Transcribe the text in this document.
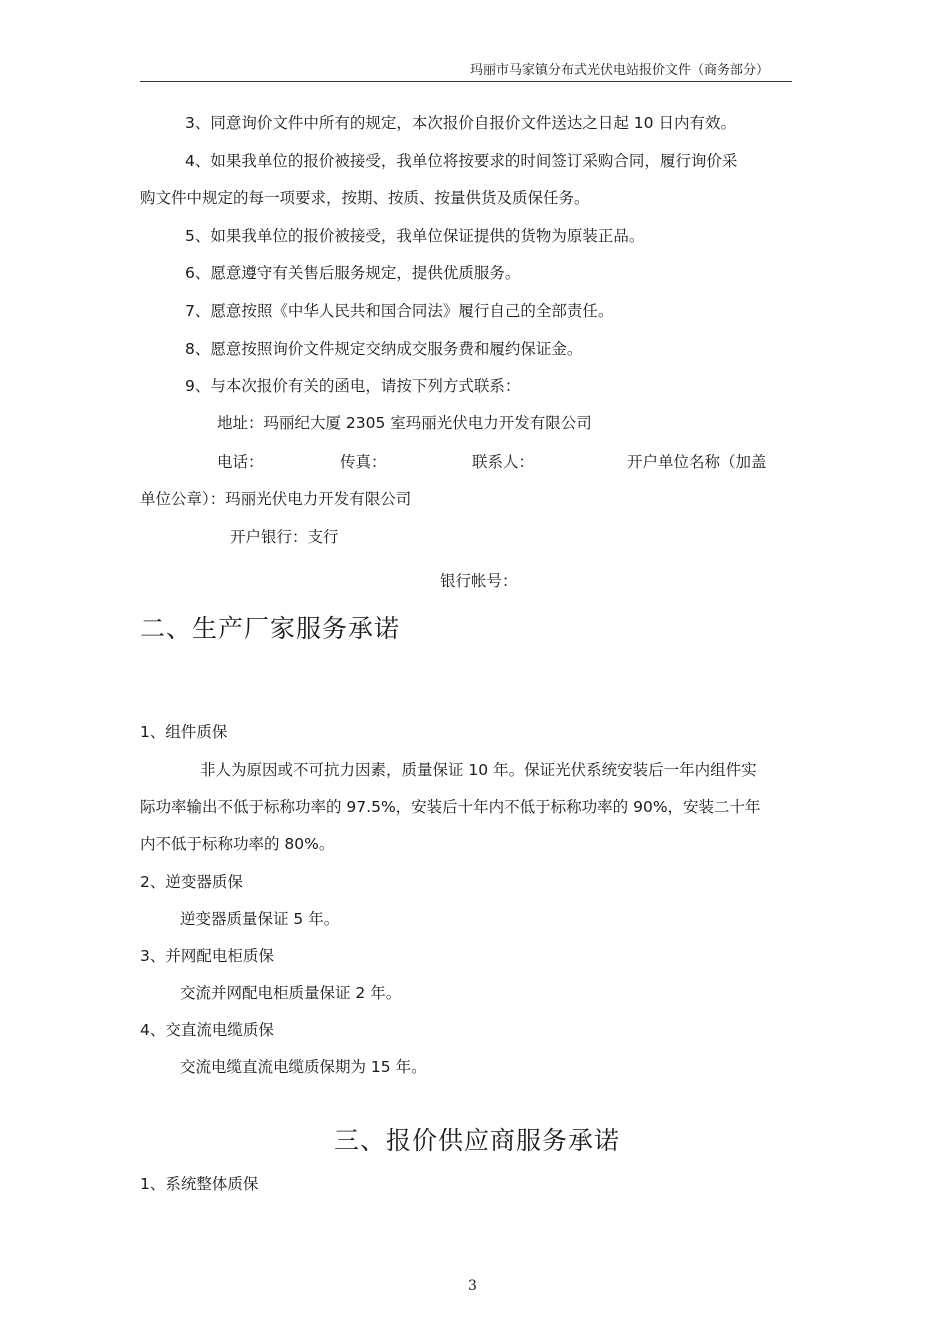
玛丽市马家镇分布式光伏电站报价文件（商务部分）
3、同意询价文件中所有的规定，本次报价自报价文件送达之日起 10 日内有效。
4、如果我单位的报价被接受，我单位将按要求的时间签订采购合同，履行询价采
购文件中规定的每一项要求，按期、按质、按量供货及质保任务。
5、如果我单位的报价被接受，我单位保证提供的货物为原装正品。
6、愿意遵守有关售后服务规定，提供优质服务。
7、愿意按照《中华人民共和国合同法》履行自己的全部责任。
8、愿意按照询价文件规定交纳成交服务费和履约保证金。
9、与本次报价有关的函电，请按下列方式联系：
地址：玛丽纪大厦 2305 室玛丽光伏电力开发有限公司
电话：	传真：	联系人：	开户单位名称（加盖
单位公章）：玛丽光伏电力开发有限公司
开户银行：支行
银行帐号：
二、生产厂家服务承诺
1、组件质保
非人为原因或不可抗力因素，质量保证 10 年。保证光伏系统安装后一年内组件实
际功率输出不低于标称功率的 97.5%，安装后十年内不低于标称功率的 90%，安装二十年
内不低于标称功率的 80%。
2、逆变器质保
逆变器质量保证 5 年。
3、并网配电柜质保
交流并网配电柜质量保证 2 年。
4、交直流电缆质保
交流电缆直流电缆质保期为 15 年。
三、报价供应商服务承诺
1、系统整体质保
3
